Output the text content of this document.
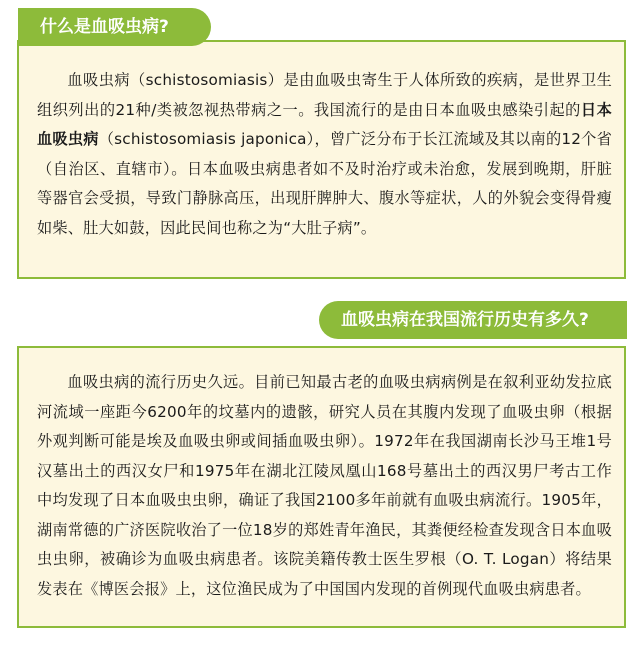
血吸虫病（schistosomiasis）是由血吸虫寄生于人体所致的疾病，是世界卫生组织列出的21种/类被忽视热带病之一。我国流行的是由日本血吸虫感染引起的日本血吸虫病（schistosomiasis japonica），曾广泛分布于长江流域及其以南的12个省（自治区、直辖市）。日本血吸虫病患者如不及时治疗或未治愈，发展到晚期，肝脏等器官会受损，导致门静脉高压，出现肝脾肿大、腹水等症状，人的外貌会变得骨瘦如柴、肚大如鼓，因此民间也称之为“大肚子病”。

什么是血吸虫病?

血吸虫病的流行历史久远。目前已知最古老的血吸虫病病例是在叙利亚幼发拉底河流域一座距今6200年的坟墓内的遗骸，研究人员在其腹内发现了血吸虫卵（根据外观判断可能是埃及血吸虫卵或间插血吸虫卵）。1972年在我国湖南长沙马王堆1号汉墓出土的西汉女尸和1975年在湖北江陵凤凰山168号墓出土的西汉男尸考古工作中均发现了日本血吸虫虫卵，确证了我国2100多年前就有血吸虫病流行。1905年，湖南常德的广济医院收治了一位18岁的郑姓青年渔民，其粪便经检查发现含日本血吸虫虫卵，被确诊为血吸虫病患者。该院美籍传教士医生罗根（O. T. Logan）将结果发表在《博医会报》上，这位渔民成为了中国国内发现的首例现代血吸虫病患者。

血吸虫病在我国流行历史有多久?
